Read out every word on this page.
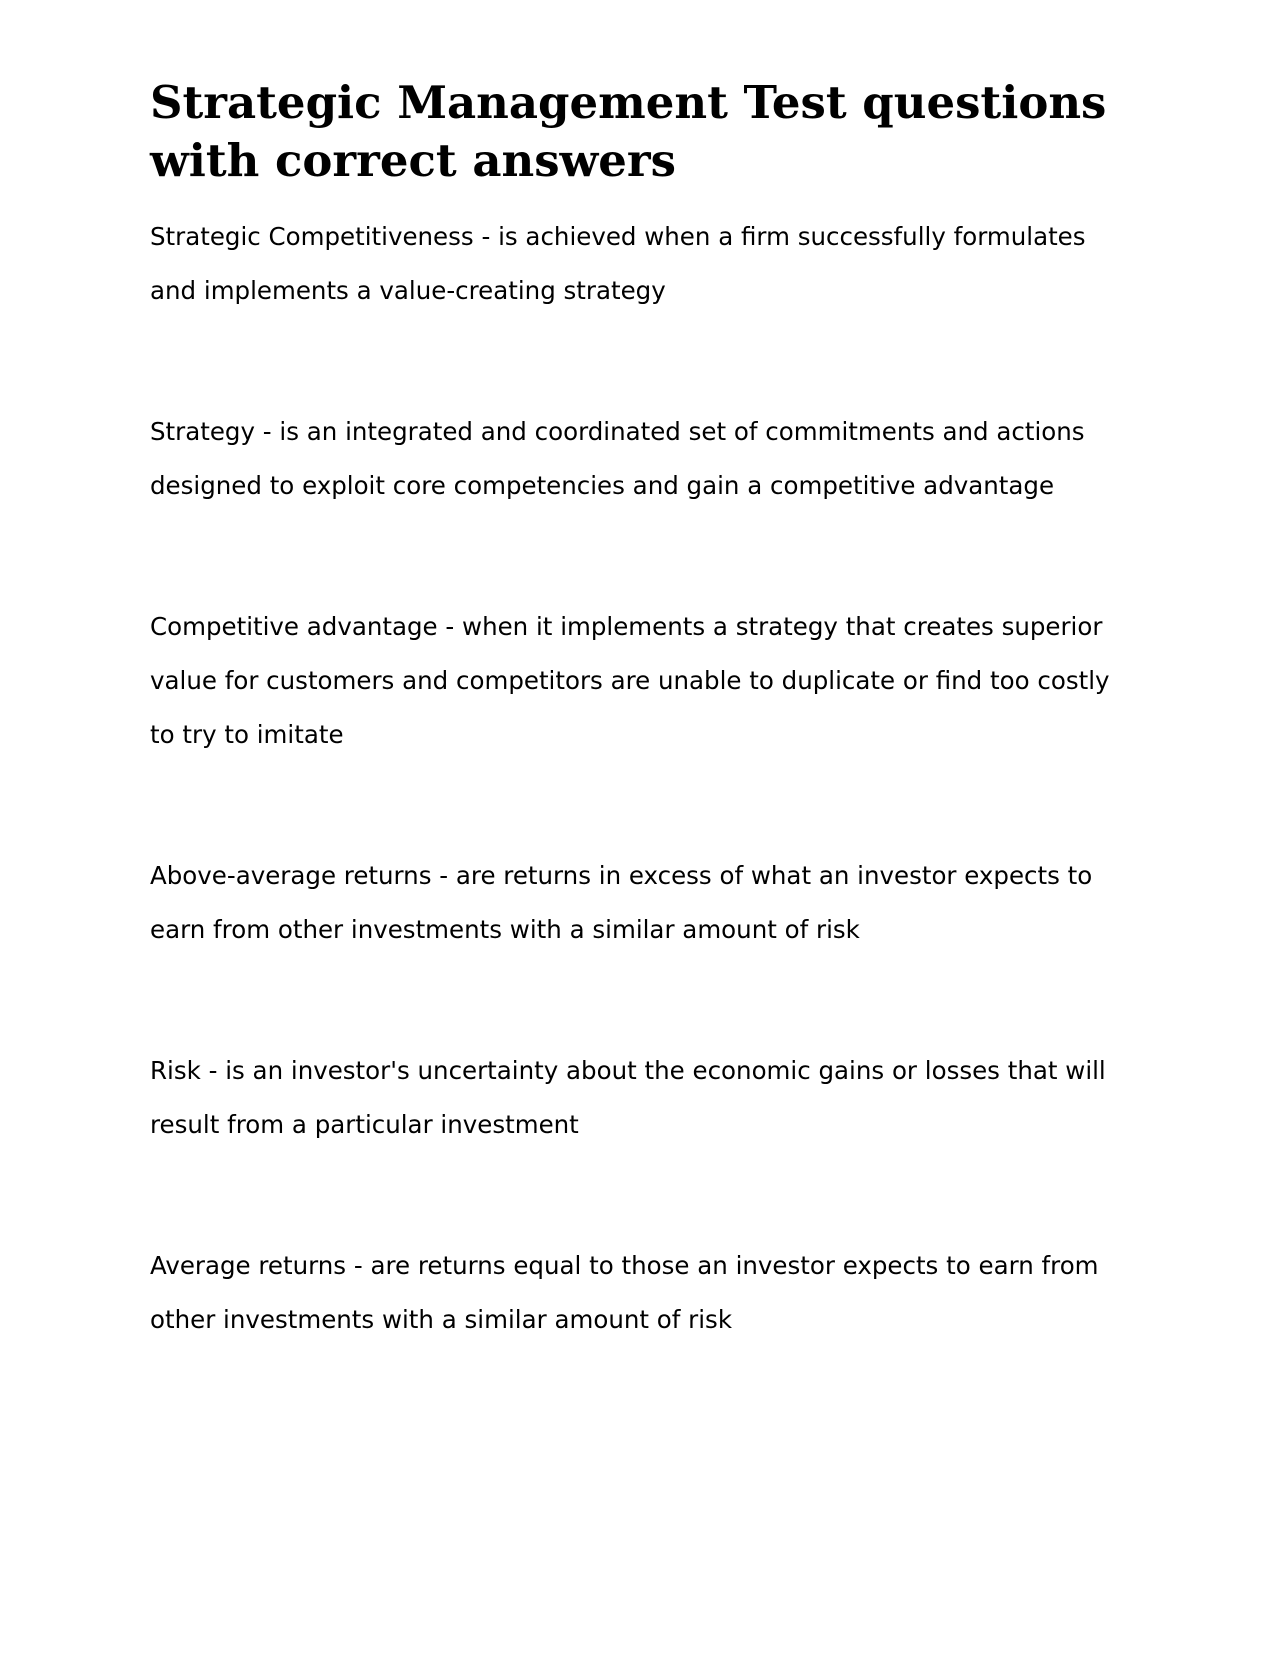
Strategic Management Test questions with correct answers

Strategic Competitiveness - is achieved when a firm successfully formulates and implements a value-creating strategy

Strategy - is an integrated and coordinated set of commitments and actions designed to exploit core competencies and gain a competitive advantage

Competitive advantage - when it implements a strategy that creates superior value for customers and competitors are unable to duplicate or find too costly to try to imitate

Above-average returns - are returns in excess of what an investor expects to earn from other investments with a similar amount of risk

Risk - is an investor's uncertainty about the economic gains or losses that will result from a particular investment

Average returns - are returns equal to those an investor expects to earn from other investments with a similar amount of risk
